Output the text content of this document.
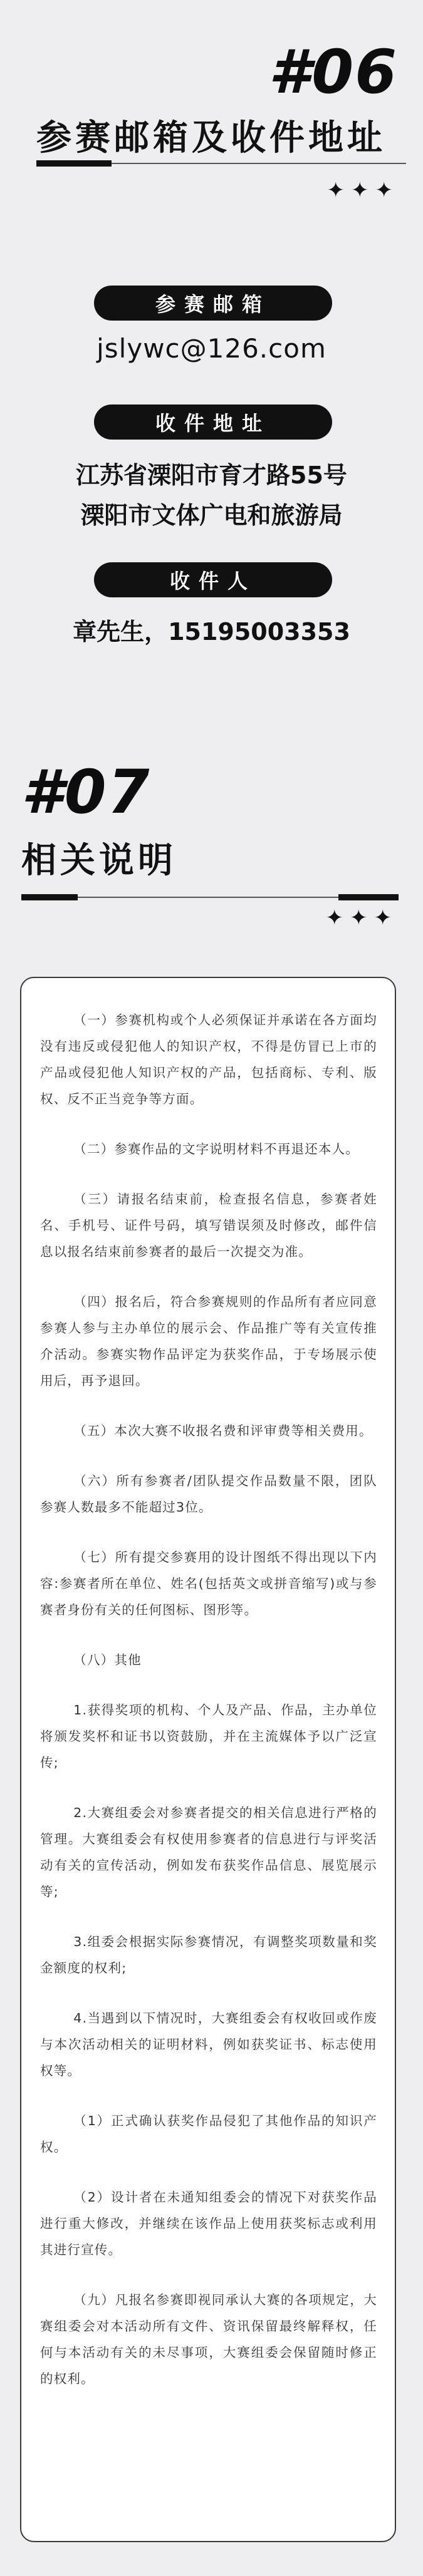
#06
参赛邮箱及收件地址
✦✦✦
参赛邮箱
jslywc@126.com
收件地址
江苏省溧阳市育才路55号
溧阳市文体广电和旅游局
收件人
章先生，15195003353
#07
相关说明
✦✦✦

（一）参赛机构或个人必须保证并承诺在各方面均没有违反或侵犯他人的知识产权，不得是仿冒已上市的产品或侵犯他人知识产权的产品，包括商标、专利、版权、反不正当竞争等方面。

（二）参赛作品的文字说明材料不再退还本人。

（三）请报名结束前，检查报名信息，参赛者姓名、手机号、证件号码，填写错误须及时修改，邮件信息以报名结束前参赛者的最后一次提交为准。

（四）报名后，符合参赛规则的作品所有者应同意参赛人参与主办单位的展示会、作品推广等有关宣传推介活动。参赛实物作品评定为获奖作品，于专场展示使用后，再予退回。

（五）本次大赛不收报名费和评审费等相关费用。

（六）所有参赛者/团队提交作品数量不限，团队参赛人数最多不能超过3位。

（七）所有提交参赛用的设计图纸不得出现以下内容:参赛者所在单位、姓名(包括英文或拼音缩写)或与参赛者身份有关的任何图标、图形等。

（八）其他

1.获得奖项的机构、个人及产品、作品，主办单位将颁发奖杯和证书以资鼓励，并在主流媒体予以广泛宣传;

2.大赛组委会对参赛者提交的相关信息进行严格的管理。大赛组委会有权使用参赛者的信息进行与评奖活动有关的宣传活动，例如发布获奖作品信息、展览展示等;

3.组委会根据实际参赛情况，有调整奖项数量和奖金额度的权利;

4.当遇到以下情况时，大赛组委会有权收回或作废与本次活动相关的证明材料，例如获奖证书、标志使用权等。

（1）正式确认获奖作品侵犯了其他作品的知识产权。

（2）设计者在未通知组委会的情况下对获奖作品进行重大修改，并继续在该作品上使用获奖标志或利用其进行宣传。

（九）凡报名参赛即视同承认大赛的各项规定，大赛组委会对本活动所有文件、资讯保留最终解释权，任何与本活动有关的未尽事项，大赛组委会保留随时修正的权利。
